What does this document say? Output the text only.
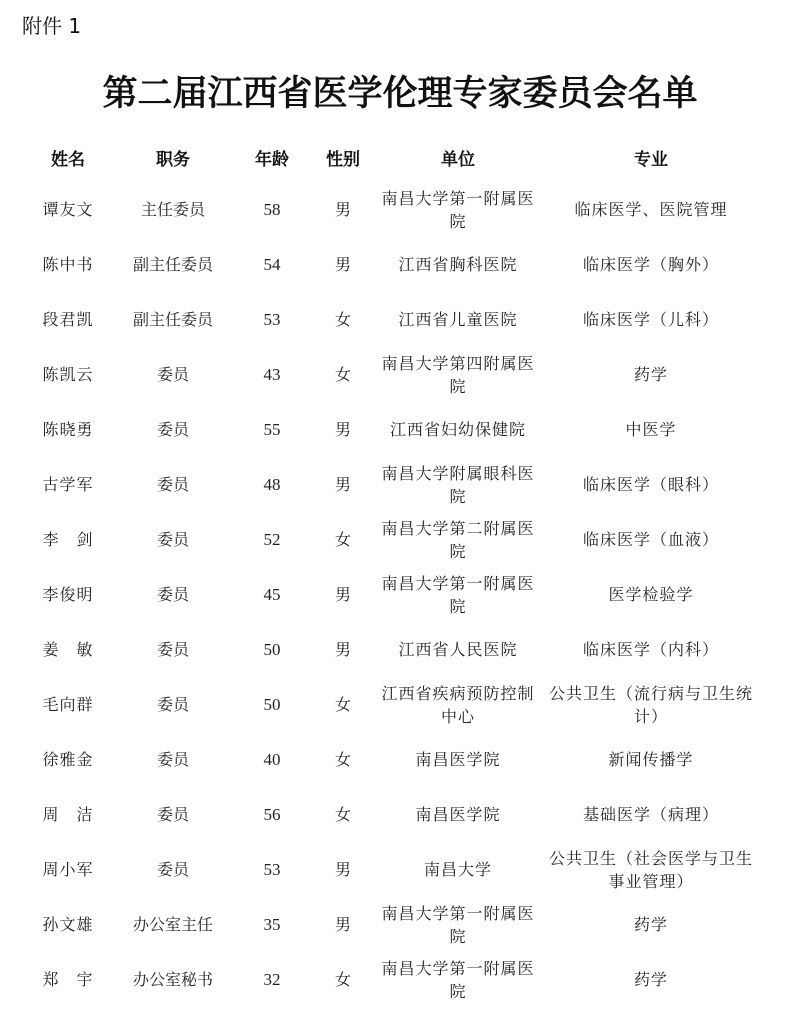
附件 1
第二届江西省医学伦理专家委员会名单
姓名	职务	年龄	性别	单位	专业
谭友文	主任委员	58	男	南昌大学第一附属医院	临床医学、医院管理
陈中书	副主任委员	54	男	江西省胸科医院	临床医学（胸外）
段君凯	副主任委员	53	女	江西省儿童医院	临床医学（儿科）
陈凯云	委员	43	女	南昌大学第四附属医院	药学
陈晓勇	委员	55	男	江西省妇幼保健院	中医学
古学军	委员	48	男	南昌大学附属眼科医院	临床医学（眼科）
李　剑	委员	52	女	南昌大学第二附属医院	临床医学（血液）
李俊明	委员	45	男	南昌大学第一附属医院	医学检验学
姜　敏	委员	50	男	江西省人民医院	临床医学（内科）
毛向群	委员	50	女	江西省疾病预防控制中心	公共卫生（流行病与卫生统计）
徐雅金	委员	40	女	南昌医学院	新闻传播学
周　洁	委员	56	女	南昌医学院	基础医学（病理）
周小军	委员	53	男	南昌大学	公共卫生（社会医学与卫生事业管理）
孙文雄	办公室主任	35	男	南昌大学第一附属医院	药学
郑　宇	办公室秘书	32	女	南昌大学第一附属医院	药学
